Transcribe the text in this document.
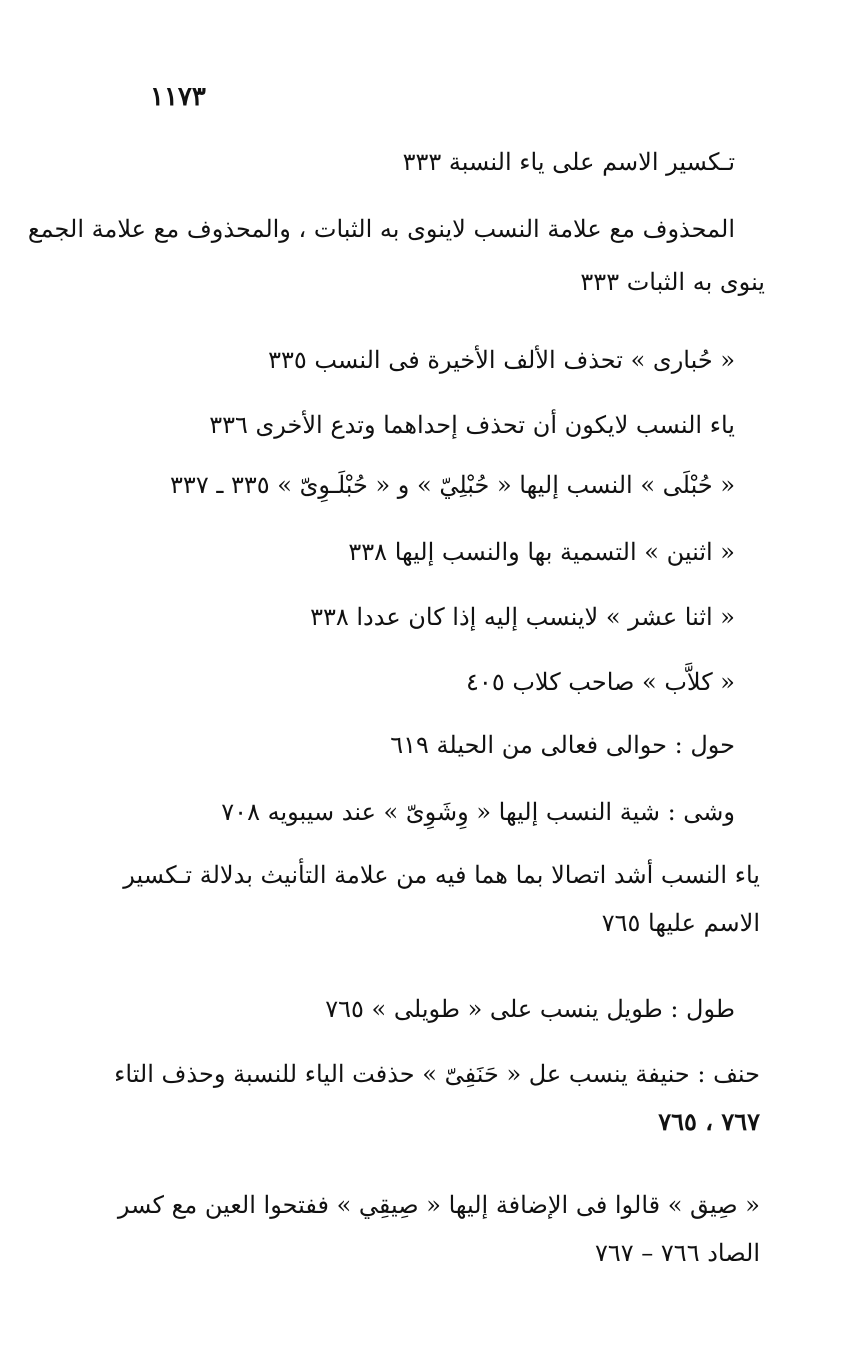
١١٧٣
تـكسير الاسم على ياء النسبة ٣٣٣
المحذوف مع علامة النسب لاينوى به الثبات ، والمحذوف مع علامة الجمع
ينوى به الثبات ٣٣٣
« حُبارى » تحذف الألف الأخيرة فى النسب ٣٣٥
ياء النسب لايكون أن تحذف إحداهما وتدع الأخرى ٣٣٦
« حُبْلَى » النسب إليها « حُبْلِيّ » و « حُبْلَـوِىّ » ٣٣٥ ـ ٣٣٧
« اثنين » التسمية بها والنسب إليها ٣٣٨
« اثنا عشر » لاينسب إليه إذا كان عددا ٣٣٨
« كلاَّب » صاحب كلاب ٤٠٥
حول : حوالى فعالى من الحيلة ٦١٩
وشى : شية النسب إليها « وِشَوِىّ » عند سيبويه ٧٠٨
ياء النسب أشد اتصالا بما هما فيه من علامة التأنيث بدلالة تـكسير
الاسم عليها ٧٦٥
طول : طويل ينسب على « طويلى » ٧٦٥
حنف : حنيفة ينسب عل « حَنَفِىّ » حذفت الياء للنسبة وحذف التاء
٧٦٧ ، ٧٦٥
« صِيق » قالوا فى الإضافة إليها « صِيقِي » ففتحوا العين مع كسر
الصاد ٧٦٦ – ٧٦٧
